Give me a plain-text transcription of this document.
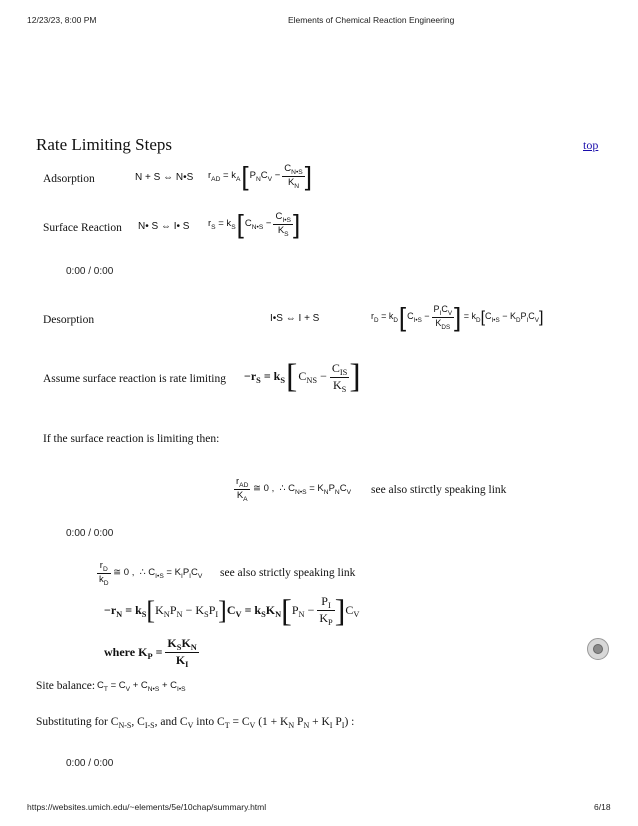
12/23/23, 8:00 PM	Elements of Chemical Reaction Engineering
Rate Limiting Steps	top
Adsorption	N + S ⇔ N•S $r_{AD} = k_A$ [ $P_NC_V - \frac{C_{N•S}}{K_N}$ ]
Surface Reaction N• S ⇔ I• S $r_S = k_S$ [ $C_{N•S} - \frac{C_{I•S}}{K_S}$ ]
0:00 / 0:00
Desorption	I•S ⇔ I + S	$r_D = k_D$ [ $C_{I•S} - \frac{P_IC_V}{K_{DS}}$ ] = $k_D$ [ $C_{I•S} - K_DP_IC_V$ ]
Assume surface reaction is rate limiting $-r_S = k_S$ [ $C_{NS} - \frac{C_{IS}}{K_S}$ ]
If the surface reaction is limiting then:
$\frac{r_{AD}}{K_A}$ ≅ 0 ,  ∴ $C_{N•S} = K_NP_NC_V$ see also stirctly speaking link
0:00 / 0:00
$\frac{r_D}{k_D}$ ≅ 0 ,  ∴ $C_{I•S} = K_IP_IC_V$ see also strictly speaking link
$-r_N = k_S$ [ $K_NP_N - K_SP_I$ ] $C_V = k_SK_N$ [ $P_N - \frac{P_I}{K_P}$ ] $C_V$
where $K_P = \frac{K_SK_N}{K_I}$
Site balance: $C_T = C_V + C_{N•S} + C_{I•S}$
Substituting for $C_{N-S}$, $C_{I-S}$, and $C_V$ into $C_T = C_V$ ($1 + K_N$ $P_N + K_I$ $P_I$) :
0:00 / 0:00
https://websites.umich.edu/~elements/5e/10chap/summary.html	6/18
